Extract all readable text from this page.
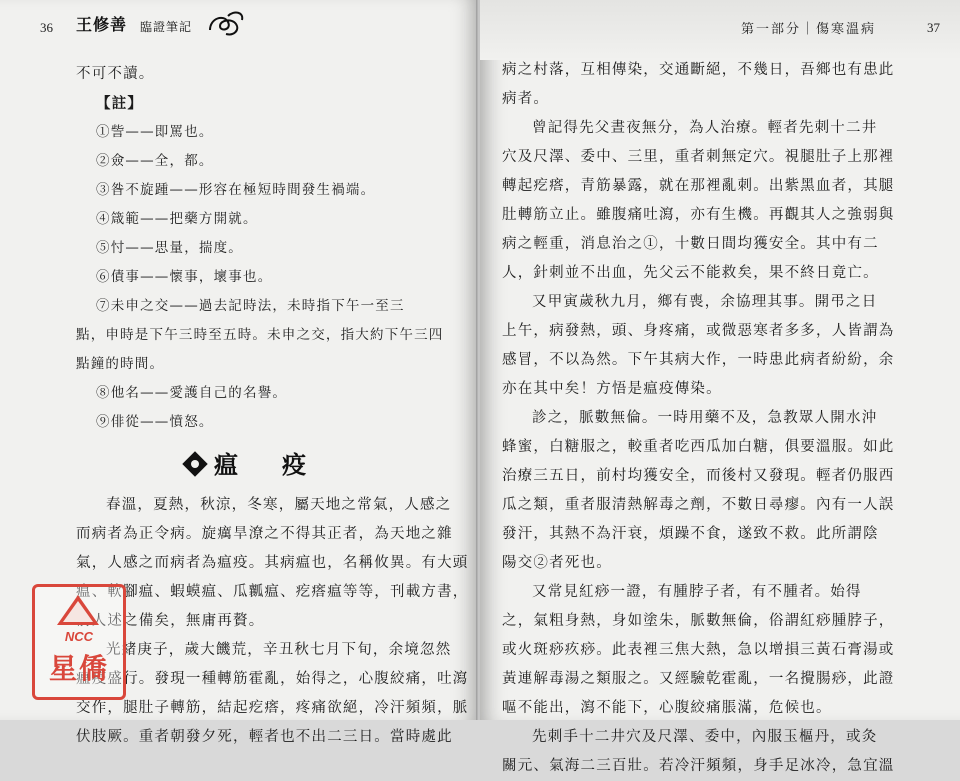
36 王修善 臨證筆記
不可不讀。
【註】
①訾——即罵也。
②僉——全，都。
③昝不旋踵——形容在極短時間發生禍端。
④箴範——把藥方開就。
⑤忖——思量，揣度。
⑥債事——懷事，壞事也。
⑦未申之交——過去記時法，未時指下午一至三
點，申時是下午三時至五時。未申之交，指大約下午三四
點鐘的時間。
⑧他名——愛護自己的名譽。
⑨俳從——憤怒。
瘟　疫
春溫，夏熱，秋涼，冬寒，屬天地之常氣，人感之
而病者為正令病。旋癘旱潦之不得其正者，為天地之雜
氣，人感之而病者為瘟疫。其病瘟也，名稱攸異。有大頭
瘟、軟腳瘟、蝦蟆瘟、瓜瓤瘟、疙瘩瘟等等，刊載方書，
前人述之備矣，無庸再贅。
光緒庚子，歲大饑荒，辛丑秋七月下旬，余境忽然
瘟疫盛行。發現一種轉筋霍亂，始得之，心腹絞痛，吐瀉
交作，腿肚子轉筋，結起疙瘩，疼痛欲絕，冷汗頻頻，脈
伏肢厥。重者朝發夕死，輕者也不出二三日。當時處此
NCC
星僑
第一部分｜傷寒溫病	37
病之村落，互相傳染，交通斷絕，不幾日，吾鄉也有患此
病者。
曾記得先父晝夜無分，為人治療。輕者先刺十二井
穴及尺澤、委中、三里，重者刺無定穴。視腿肚子上那裡
轉起疙瘩，青筋暴露，就在那裡亂刺。出紫黑血者，其腿
肚轉筋立止。雖腹痛吐瀉，亦有生機。再觀其人之強弱與
病之輕重，消息治之①，十數日間均獲安全。其中有二
人，針刺並不出血，先父云不能救矣，果不終日竟亡。
又甲寅歲秋九月，鄉有喪，余協理其事。開弔之日
上午，病發熱，頭、身疼痛，或微惡寒者多多，人皆謂為
感冒，不以為然。下午其病大作，一時患此病者紛紛，余
亦在其中矣！方悟是瘟疫傳染。
診之，脈數無倫。一時用藥不及，急教眾人開水沖
蜂蜜，白糖服之，較重者吃西瓜加白糖，俱要溫服。如此
治療三五日，前村均獲安全，而後村又發現。輕者仍服西
瓜之類，重者服清熱解毒之劑，不數日尋瘳。內有一人誤
發汗，其熱不為汗衰，煩躁不食，遂致不救。此所謂陰
陽交②者死也。
又常見紅痧一證，有腫脖子者，有不腫者。始得
之，氣粗身熱，身如塗朱，脈數無倫，俗謂紅痧腫脖子，
或火斑痧疚痧。此表裡三焦大熱，急以增損三黃石膏湯或
黃連解毒湯之類服之。又經驗乾霍亂，一名攪腸痧，此證
嘔不能出，瀉不能下，心腹絞痛脹滿，危候也。
先刺手十二井穴及尺澤、委中，內服玉樞丹，或灸
關元、氣海二三百壯。若冷汗頻頻，身手足冰冷，急宜溫
